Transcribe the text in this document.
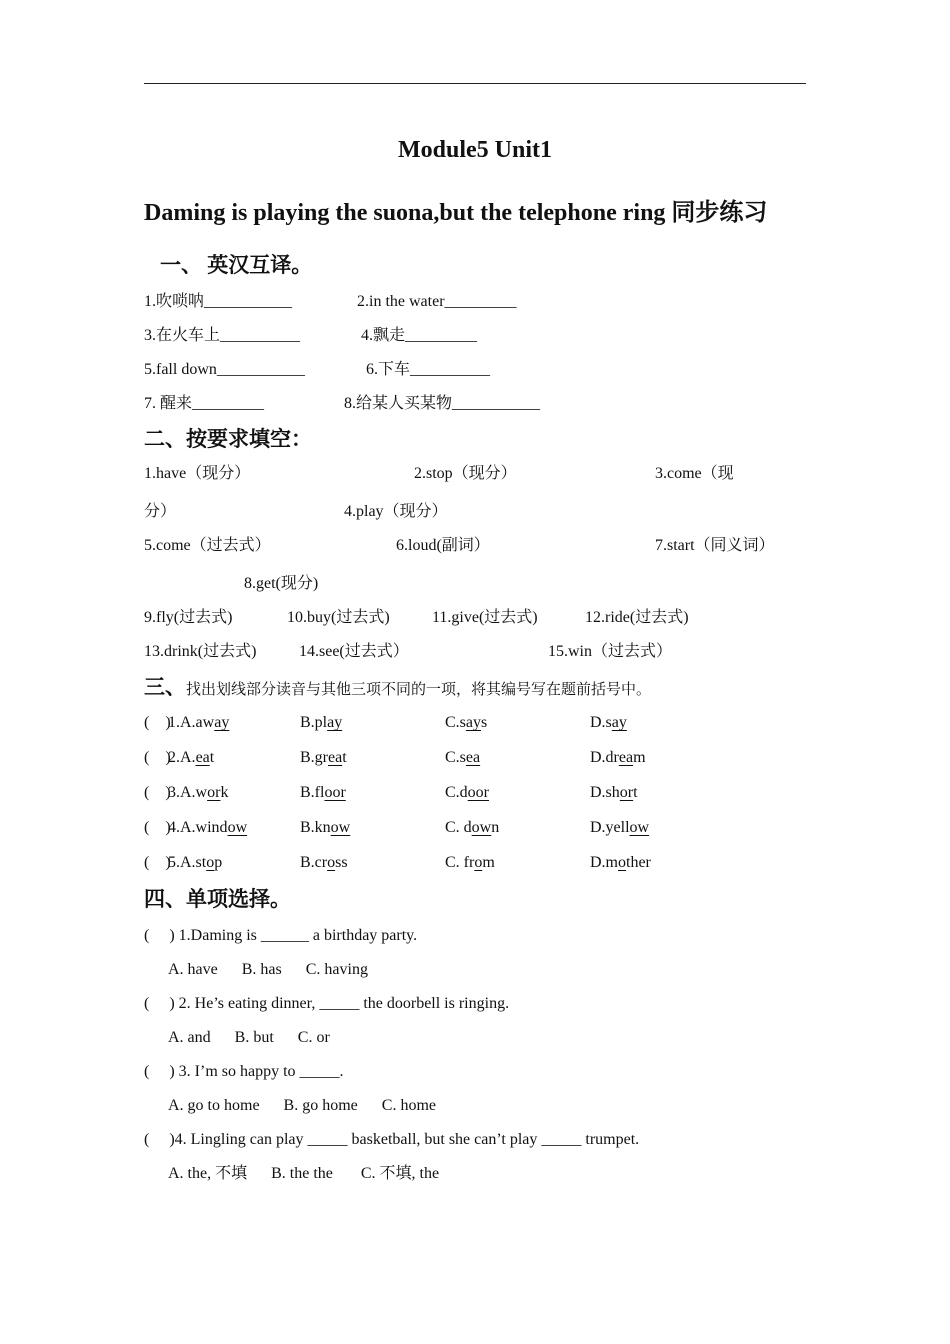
Module5 Unit1
Daming is playing the suona,but the telephone ring 同步练习
一、 英汉互译。
1.吹唢呐___________	2.in the water_________
3.在火车上__________	4.飘走_________
5.fall down___________	6.下车__________
7. 醒来_________	8.给某人买某物___________
二、按要求填空：
1.have（现分）	2.stop（现分）	3.come（现
分）	4.play（现分）
5.come（过去式）	6.loud(副词）	7.start（同义词）
8.get(现分)
9.fly(过去式)	10.buy(过去式)	11.give(过去式)	12.ride(过去式)
13.drink(过去式)	14.see(过去式）	15.win（过去式）
三、找出划线部分读音与其他三项不同的一项，将其编号写在题前括号中。
(    )
1. A.away	B.play	C.says	D.say
(    )
2. A.eat	B.great	C.sea	D.dream
(    )
3. A.work	B.floor	C.door	D.short
(    )
4. A.window	B.know	C. down	D.yellow
(    )
5. A.stop	B.cross	C. from	D.mother
四、单项选择。
(     ) 1.Daming is ______ a birthday party.
A. have      B. has      C. having
(     ) 2. He’s eating dinner, _____ the doorbell is ringing.
A. and      B. but      C. or
(     ) 3. I’m so happy to _____.
A. go to home      B. go home      C. home
(     )4. Lingling can play _____ basketball, but she can’t play _____ trumpet.
A. the, 不填      B. the the       C. 不填, the
